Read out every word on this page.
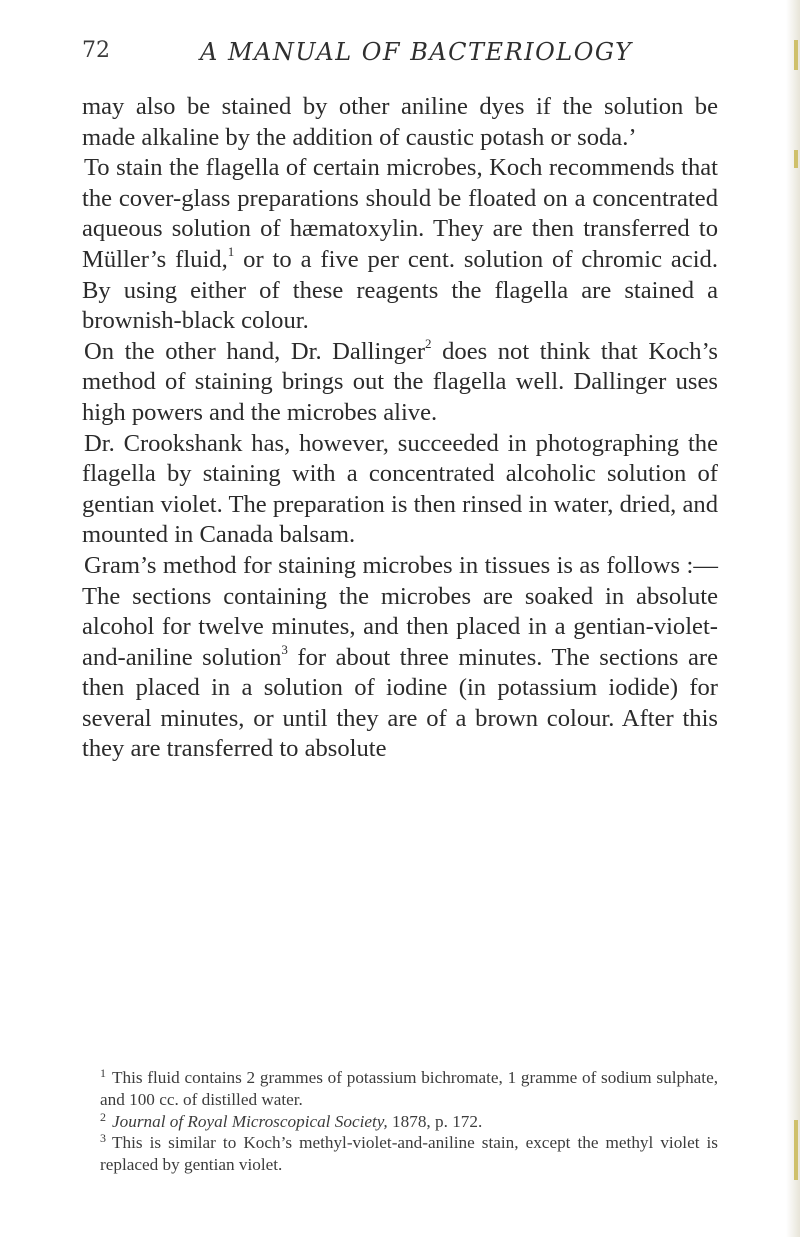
72	A MANUAL OF BACTERIOLOGY

may also be stained by other aniline dyes if the solution be made alkaline by the addition of caustic potash or soda.’

To stain the flagella of certain microbes, Koch recommends that the cover-glass preparations should be floated on a concentrated aqueous solution of hæmatoxylin. They are then transferred to Müller’s fluid,$^1$ or to a five per cent. solution of chromic acid. By using either of these reagents the flagella are stained a brownish-black colour.

On the other hand, Dr. Dallinger$^2$ does not think that Koch’s method of staining brings out the flagella well. Dallinger uses high powers and the microbes alive.

Dr. Crookshank has, however, succeeded in photographing the flagella by staining with a concentrated alcoholic solution of gentian violet. The preparation is then rinsed in water, dried, and mounted in Canada balsam.

Gram’s method for staining microbes in tissues is as follows :—The sections containing the microbes are soaked in absolute alcohol for twelve minutes, and then placed in a gentian-violet-and-aniline solution$^3$ for about three minutes. The sections are then placed in a solution of iodine (in potassium iodide) for several minutes, or until they are of a brown colour. After this they are transferred to absolute

$^1$ This fluid contains 2 grammes of potassium bichromate, 1 gramme of sodium sulphate, and 100 cc. of distilled water.

$^2$ Journal of Royal Microscopical Society, 1878, p. 172.

$^3$ This is similar to Koch’s methyl-violet-and-aniline stain, except the methyl violet is replaced by gentian violet.
